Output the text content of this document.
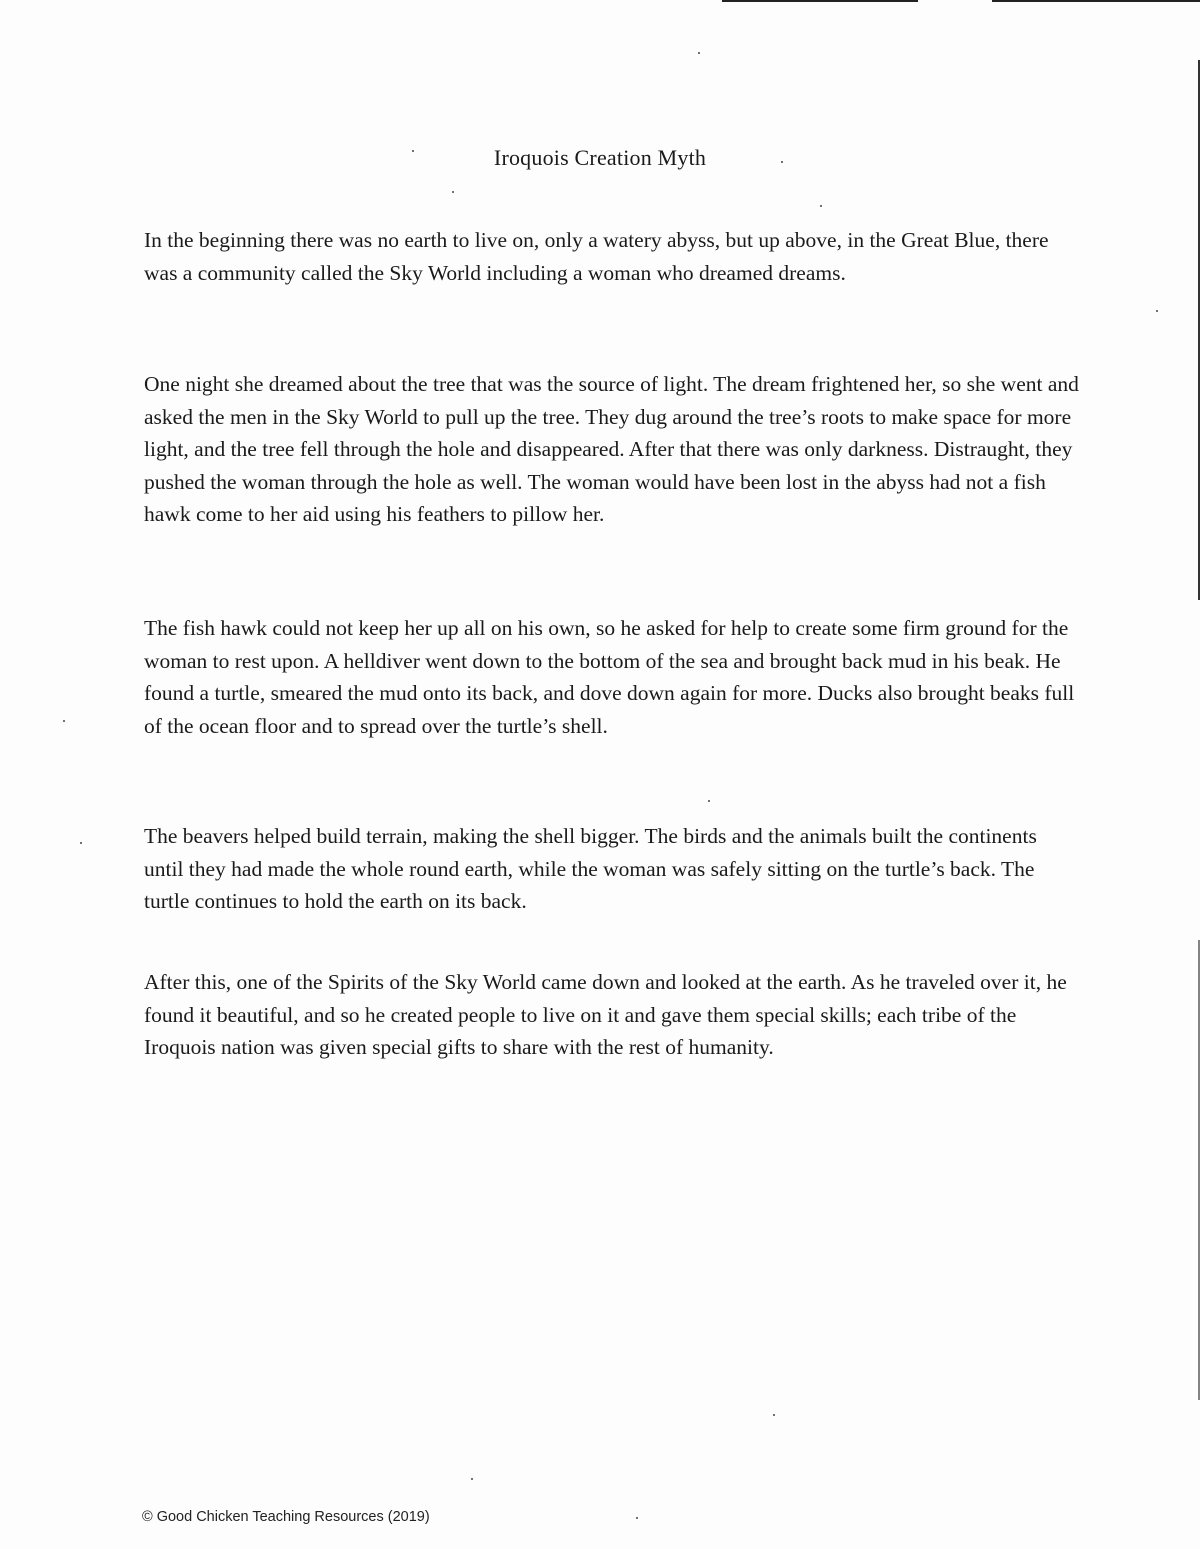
Iroquois Creation Myth

In the beginning there was no earth to live on, only a watery abyss, but up above, in the Great Blue, there was a community called the Sky World including a woman who dreamed dreams.

One night she dreamed about the tree that was the source of light. The dream frightened her, so she went and asked the men in the Sky World to pull up the tree. They dug around the tree’s roots to make space for more light, and the tree fell through the hole and disappeared. After that there was only darkness. Distraught, they pushed the woman through the hole as well. The woman would have been lost in the abyss had not a fish hawk come to her aid using his feathers to pillow her.

The fish hawk could not keep her up all on his own, so he asked for help to create some firm ground for the woman to rest upon. A helldiver went down to the bottom of the sea and brought back mud in his beak. He found a turtle, smeared the mud onto its back, and dove down again for more. Ducks also brought beaks full of the ocean floor and to spread over the turtle’s shell.

The beavers helped build terrain, making the shell bigger. The birds and the animals built the continents until they had made the whole round earth, while the woman was safely sitting on the turtle’s back. The turtle continues to hold the earth on its back.

After this, one of the Spirits of the Sky World came down and looked at the earth. As he traveled over it, he found it beautiful, and so he created people to live on it and gave them special skills; each tribe of the Iroquois nation was given special gifts to share with the rest of humanity.

© Good Chicken Teaching Resources (2019)
